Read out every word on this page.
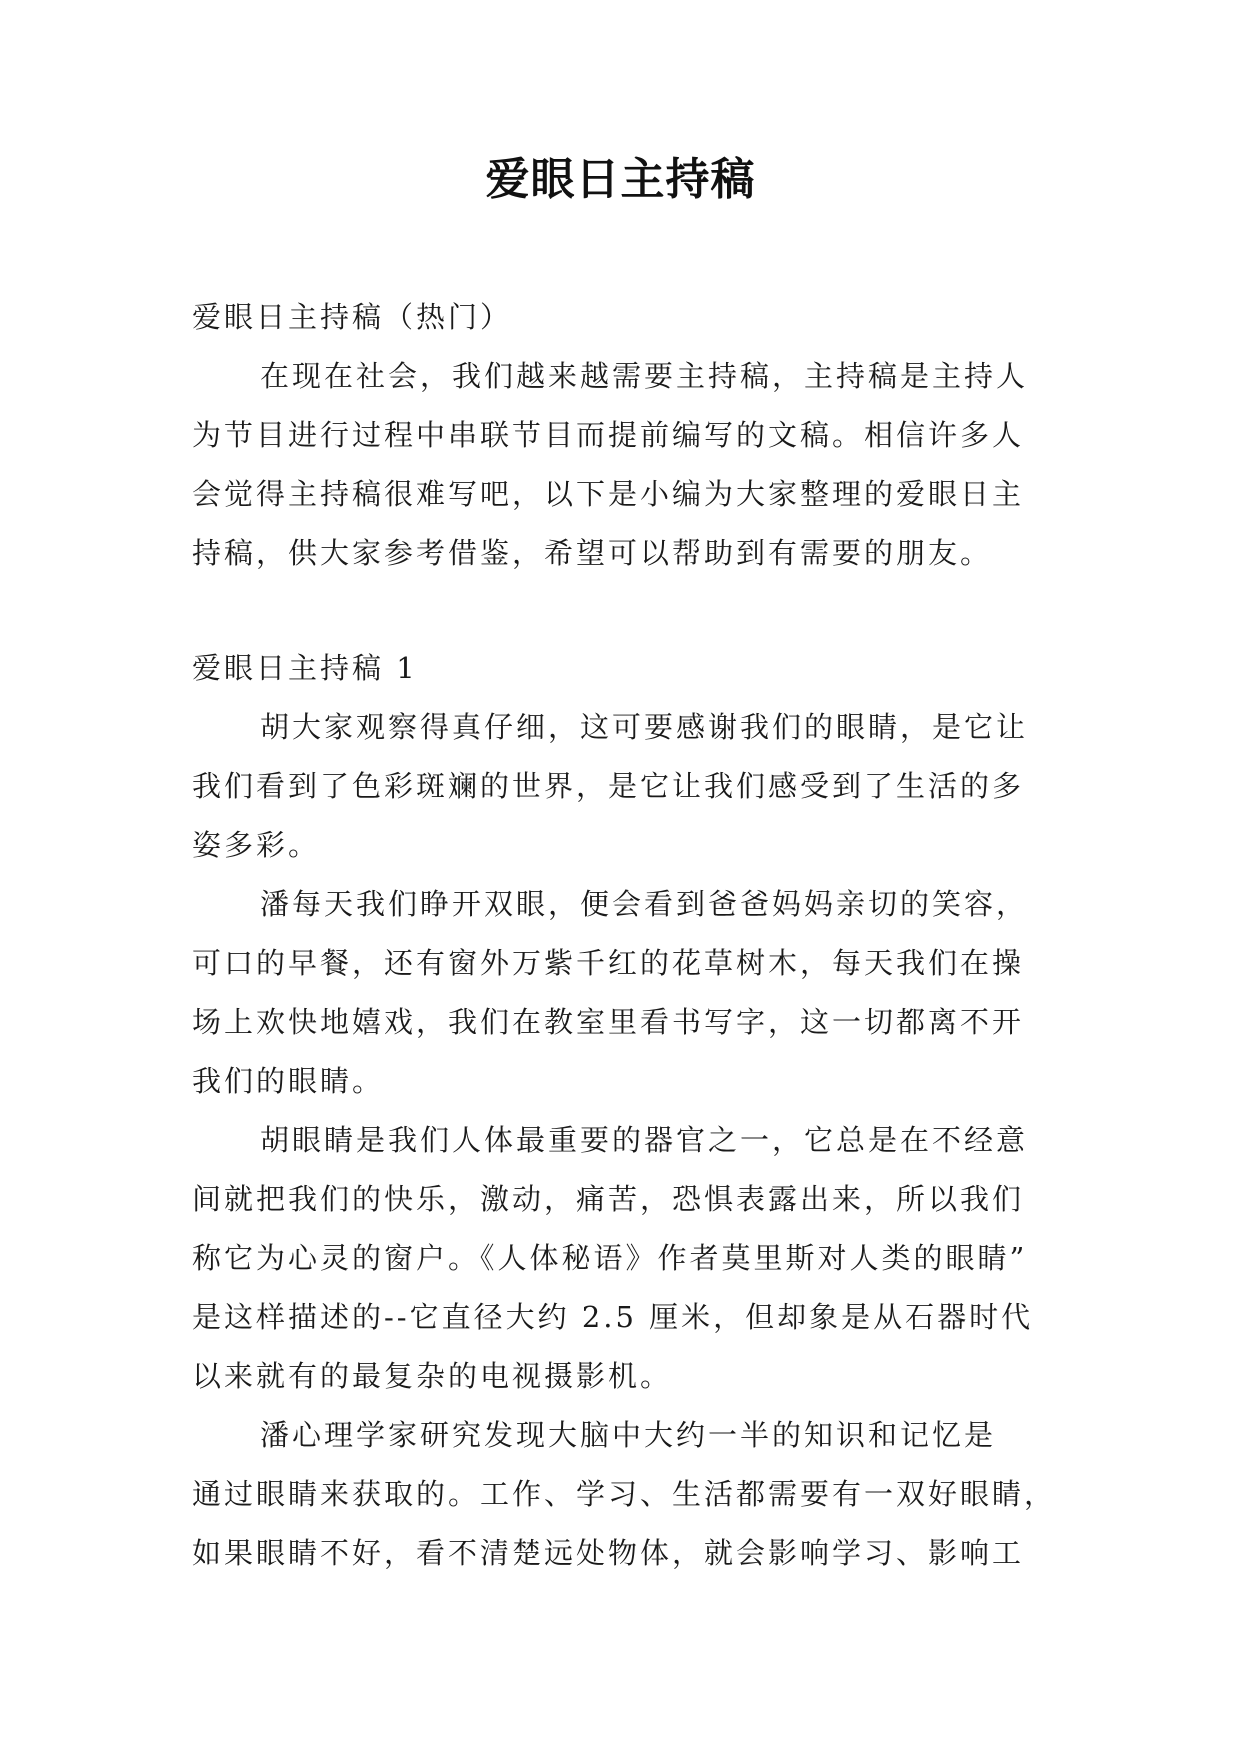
爱眼日主持稿
爱眼日主持稿（热门）
在现在社会，我们越来越需要主持稿，主持稿是主持人
为节目进行过程中串联节目而提前编写的文稿。相信许多人
会觉得主持稿很难写吧，以下是小编为大家整理的爱眼日主
持稿，供大家参考借鉴，希望可以帮助到有需要的朋友。
爱眼日主持稿 1
胡大家观察得真仔细，这可要感谢我们的眼睛，是它让
我们看到了色彩斑斓的世界，是它让我们感受到了生活的多
姿多彩。
潘每天我们睁开双眼，便会看到爸爸妈妈亲切的笑容，
可口的早餐，还有窗外万紫千红的花草树木，每天我们在操
场上欢快地嬉戏，我们在教室里看书写字，这一切都离不开
我们的眼睛。
胡眼睛是我们人体最重要的器官之一，它总是在不经意
间就把我们的快乐，激动，痛苦，恐惧表露出来，所以我们
称它为心灵的窗户。《人体秘语》作者莫里斯对人类的眼睛”
是这样描述的--它直径大约 2.5 厘米，但却象是从石器时代
以来就有的最复杂的电视摄影机。
潘心理学家研究发现大脑中大约一半的知识和记忆是
通过眼睛来获取的。工作、学习、生活都需要有一双好眼睛，
如果眼睛不好，看不清楚远处物体，就会影响学习、影响工
